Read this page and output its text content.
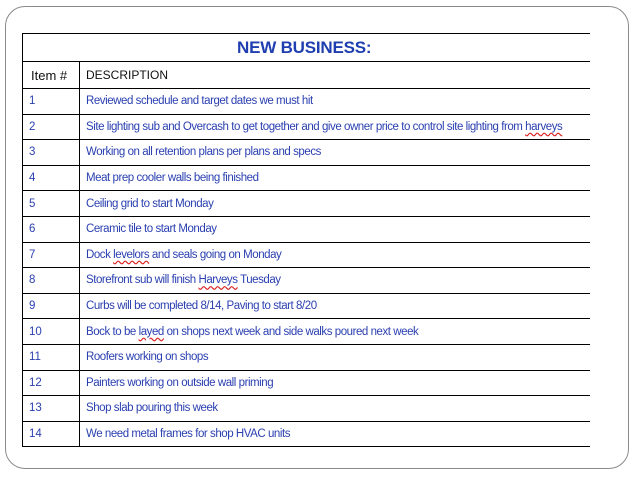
NEW BUSINESS:	
Item #	DESCRIPTION
1	Reviewed schedule and target dates we must hit
2	Site lighting sub and Overcash to get together and give owner price to control site lighting from harveys
3	Working on all retention plans per plans and specs
4	Meat prep cooler walls being finished
5	Ceiling grid to start Monday
6	Ceramic tile to start Monday
7	Dock levelors and seals going on Monday
8	Storefront sub will finish Harveys Tuesday
9	Curbs will be completed 8/14, Paving to start 8/20
10	Bock to be layed on shops next week and side walks poured next week
11	Roofers working on shops
12	Painters working on outside wall priming
13	Shop slab pouring this week
14	We need metal frames for shop HVAC units
